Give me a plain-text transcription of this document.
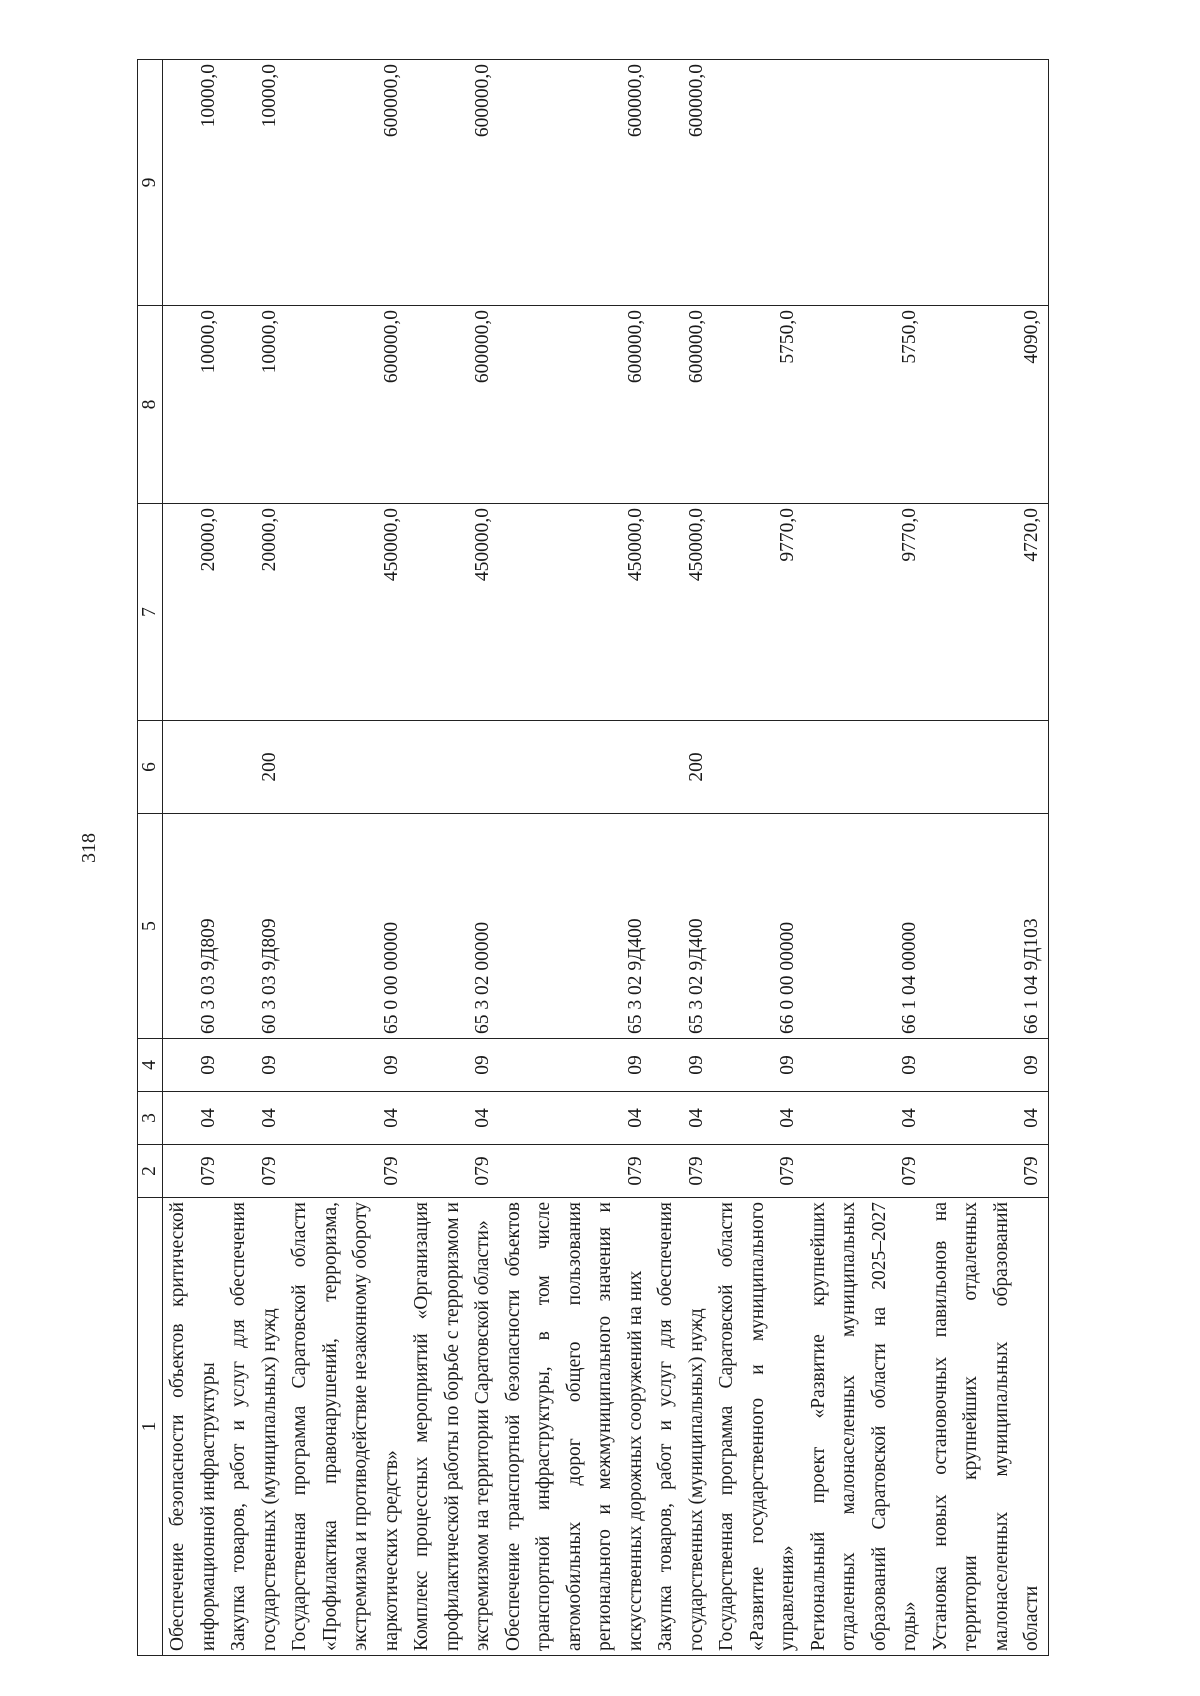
318
1	2	3	4	5	6	7	8	9
Обеспечение безопасности объектов критической информационной инфраструктуры	079	04	09	60 3 03 9Д809		20000,0	10000,0	10000,0
Закупка товаров, работ и услуг для обеспечения государственных (муниципальных) нужд	079	04	09	60 3 03 9Д809	200	20000,0	10000,0	10000,0
Государственная программа Саратовской области «Профилактика правонарушений, терроризма, экстремизма и противодействие незаконному обороту наркотических средств»	079	04	09	65 0 00 00000		450000,0	600000,0	600000,0
Комплекс процессных мероприятий «Организация профилактической работы по борьбе с терроризмом и экстремизмом на территории Саратовской области»	079	04	09	65 3 02 00000		450000,0	600000,0	600000,0
Обеспечение транспортной безопасности объектов транспортной инфраструктуры, в том числе автомобильных дорог общего пользования регионального и межмуниципального значения и искусственных дорожных сооружений на них	079	04	09	65 3 02 9Д400		450000,0	600000,0	600000,0
Закупка товаров, работ и услуг для обеспечения государственных (муниципальных) нужд	079	04	09	65 3 02 9Д400	200	450000,0	600000,0	600000,0
Государственная программа Саратовской области «Развитие государственного и муниципального управления»	079	04	09	66 0 00 00000		9770,0	5750,0	
Региональный проект «Развитие крупнейших отдаленных малонаселенных муниципальных образований Саратовской области на 2025–2027 годы»	079	04	09	66 1 04 00000		9770,0	5750,0	
Установка новых остановочных павильонов на территории крупнейших отдаленных малонаселенных муниципальных образований области	079	04	09	66 1 04 9Д103		4720,0	4090,0	
